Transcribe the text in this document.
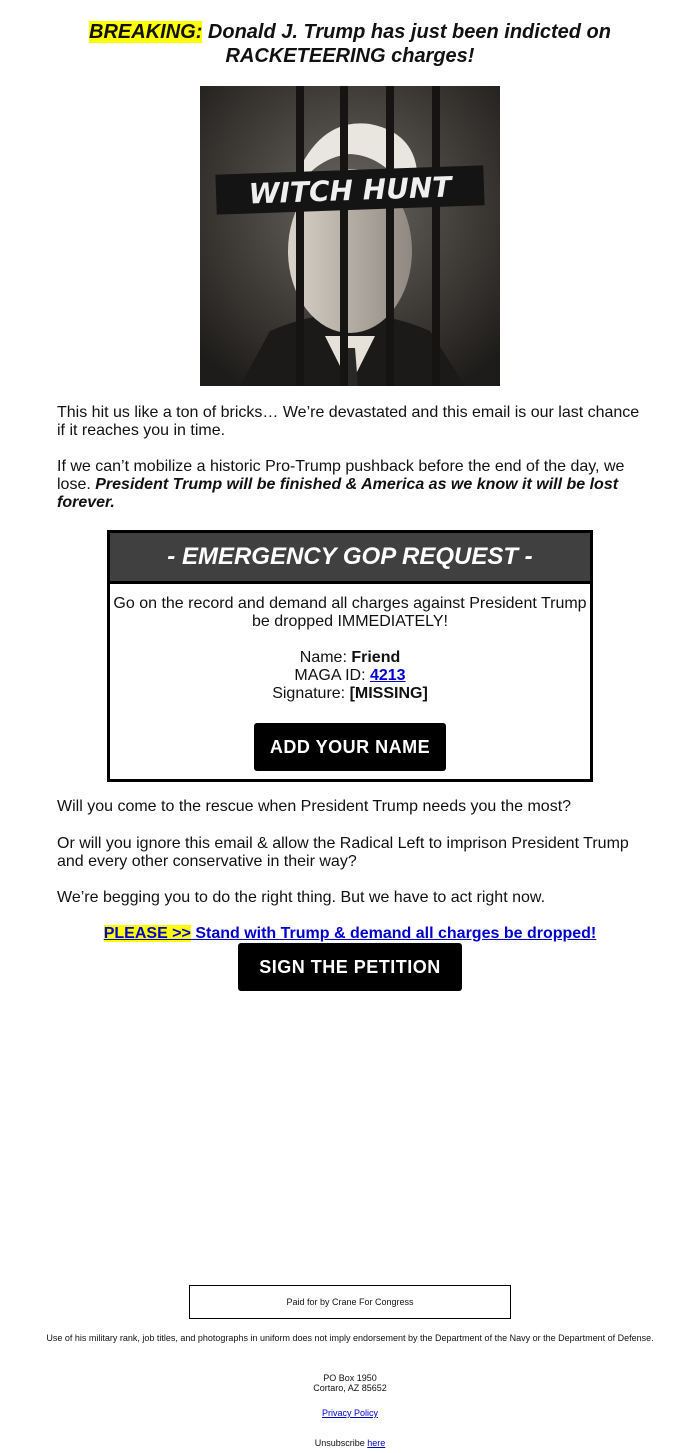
BREAKING: Donald J. Trump has just been indicted on RACKETEERING charges!
WITCH HUNT
This hit us like a ton of bricks… We’re devastated and this email is our last chance if it reaches you in time.
If we can’t mobilize a historic Pro-Trump pushback before the end of the day, we lose. President Trump will be finished & America as we know it will be lost forever.
- EMERGENCY GOP REQUEST -
Go on the record and demand all charges against President Trump be dropped IMMEDIATELY!
Name: Friend
MAGA ID: 4213
Signature: [MISSING]
ADD YOUR NAME
Will you come to the rescue when President Trump needs you the most?
Or will you ignore this email & allow the Radical Left to imprison President Trump and every other conservative in their way?
We’re begging you to do the right thing. But we have to act right now.
PLEASE >> Stand with Trump & demand all charges be dropped!
SIGN THE PETITION
Paid for by Crane For Congress
Use of his military rank, job titles, and photographs in uniform does not imply endorsement by the Department of the Navy or the Department of Defense.
PO Box 1950
Cortaro, AZ 85652
Privacy Policy
Unsubscribe here
